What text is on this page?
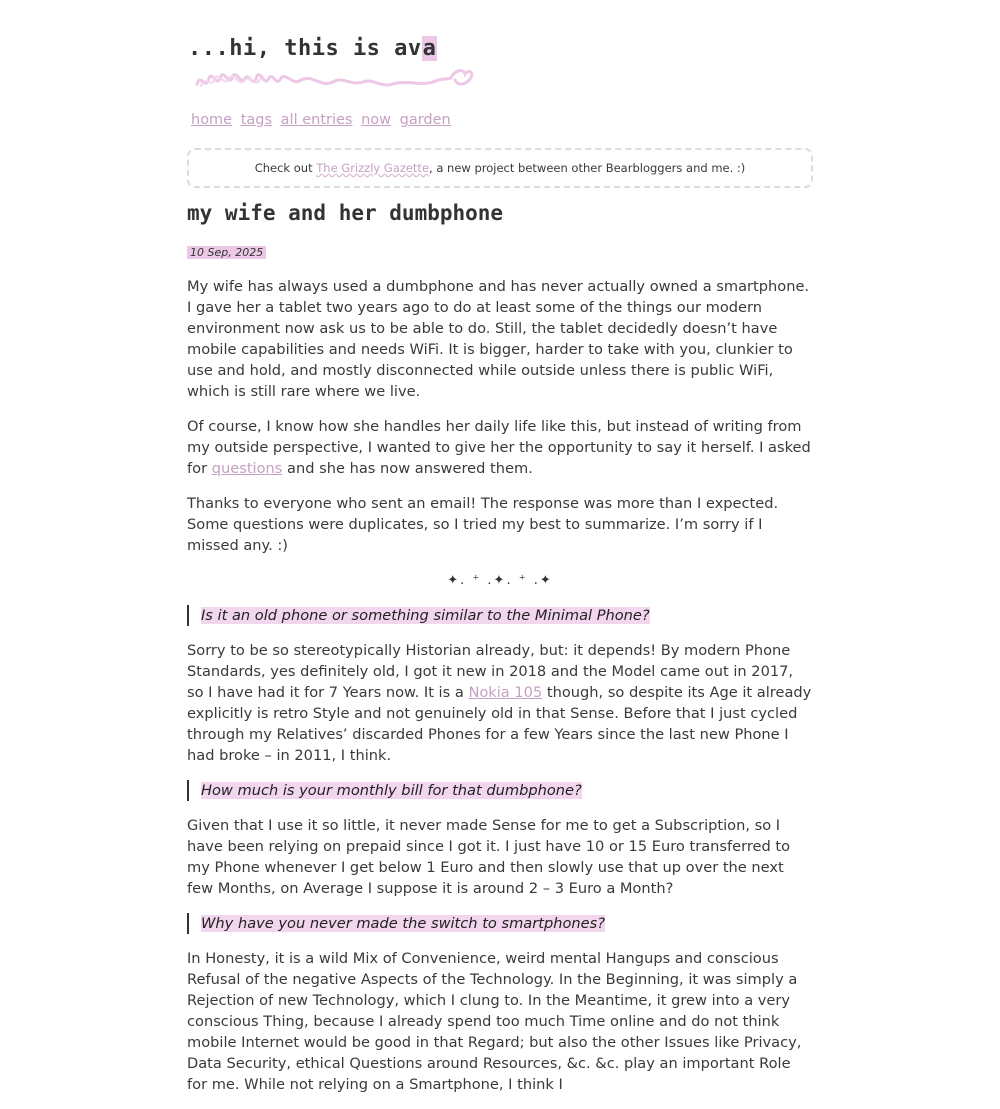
...hi, this is ava
home tags all entries now garden
Check out The Grizzly Gazette, a new project between other Bearbloggers and me. :)
my wife and her dumbphone
10 Sep, 2025

My wife has always used a dumbphone and has never actually owned a smartphone. I gave her a tablet two years ago to do at least some of the things our modern environment now ask us to be able to do. Still, the tablet decidedly doesn’t have mobile capabilities and needs WiFi. It is bigger, harder to take with you, clunkier to use and hold, and mostly disconnected while outside unless there is public WiFi, which is still rare where we live.

Of course, I know how she handles her daily life like this, but instead of writing from my outside perspective, I wanted to give her the opportunity to say it herself. I asked for questions and she has now answered them.

Thanks to everyone who sent an email! The response was more than I expected. Some questions were duplicates, so I tried my best to summarize. I’m sorry if I missed any. :)

✦. ⁺ .✦. ⁺ .✦
Is it an old phone or something similar to the Minimal Phone?

Sorry to be so stereotypically Historian already, but: it depends! By modern Phone Standards, yes definitely old, I got it new in 2018 and the Model came out in 2017, so I have had it for 7 Years now. It is a Nokia 105 though, so despite its Age it already explicitly is retro Style and not genuinely old in that Sense. Before that I just cycled through my Relatives’ discarded Phones for a few Years since the last new Phone I had broke – in 2011, I think.

How much is your monthly bill for that dumbphone?

Given that I use it so little, it never made Sense for me to get a Subscription, so I have been relying on prepaid since I got it. I just have 10 or 15 Euro transferred to my Phone whenever I get below 1 Euro and then slowly use that up over the next few Months, on Average I suppose it is around 2 – 3 Euro a Month?

Why have you never made the switch to smartphones?

In Honesty, it is a wild Mix of Convenience, weird mental Hangups and conscious Refusal of the negative Aspects of the Technology. In the Beginning, it was simply a Rejection of new Technology, which I clung to. In the Meantime, it grew into a very conscious Thing, because I already spend too much Time online and do not think mobile Internet would be good in that Regard; but also the other Issues like Privacy, Data Security, ethical Questions around Resources, &c. &c. play an important Role for me. While not relying on a Smartphone, I think I
